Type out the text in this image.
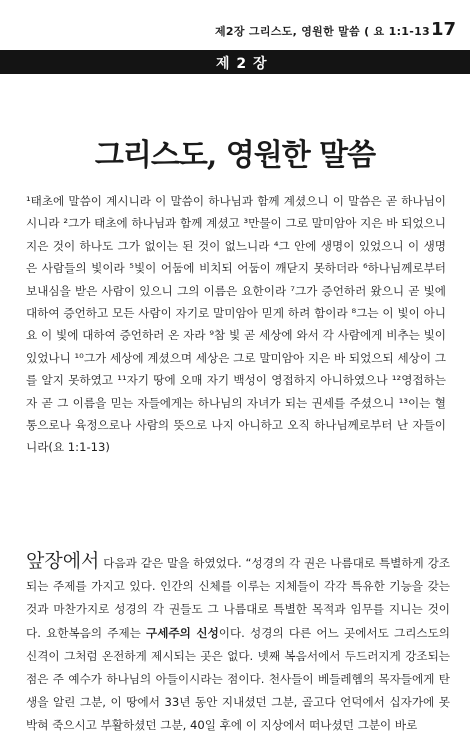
제2장 그리스도, 영원한 말씀 ( 요 1:1-13 17
제 2 장
그리스도, 영원한 말씀

¹태초에 말씀이 계시니라 이 말씀이 하나님과 함께 계셨으니 이 말씀은 곧 하나님이시니라 ²그가 태초에 하나님과 함께 계셨고 ³만물이 그로 말미암아 지은 바 되었으니 지은 것이 하나도 그가 없이는 된 것이 없느니라 ⁴그 안에 생명이 있었으니 이 생명은 사람들의 빛이라 ⁵빛이 어둠에 비치되 어둠이 깨닫지 못하더라 ⁶하나님께로부터 보내심을 받은 사람이 있으니 그의 이름은 요한이라 ⁷그가 증언하러 왔으니 곧 빛에 대하여 증언하고 모든 사람이 자기로 말미암아 믿게 하려 함이라 ⁸그는 이 빛이 아니요 이 빛에 대하여 증언하러 온 자라 ⁹참 빛 곧 세상에 와서 각 사람에게 비추는 빛이 있었나니 ¹⁰그가 세상에 계셨으며 세상은 그로 말미암아 지은 바 되었으되 세상이 그를 알지 못하였고 ¹¹자기 땅에 오매 자기 백성이 영접하지 아니하였으나 ¹²영접하는 자 곧 그 이름을 믿는 자들에게는 하나님의 자녀가 되는 권세를 주셨으니 ¹³이는 혈통으로나 육정으로나 사람의 뜻으로 나지 아니하고 오직 하나님께로부터 난 자들이니라(요 1:1-13)

앞장에서 다음과 같은 말을 하였었다. “성경의 각 권은 나름대로 특별하게 강조되는 주제를 가지고 있다. 인간의 신체를 이루는 지체들이 각각 특유한 기능을 갖는 것과 마찬가지로 성경의 각 권들도 그 나름대로 특별한 목적과 임무를 지니는 것이다. 요한복음의 주제는 구세주의 신성이다. 성경의 다른 어느 곳에서도 그리스도의 신격이 그처럼 온전하게 제시되는 곳은 없다. 넷째 복음서에서 두드러지게 강조되는 점은 주 예수가 하나님의 아들이시라는 점이다. 천사들이 베들레헴의 목자들에게 탄생을 알린 그분, 이 땅에서 33년 동안 지내셨던 그분, 골고다 언덕에서 십자가에 못 박혀 죽으시고 부활하셨던 그분, 40일 후에 이 지상에서 떠나셨던 그분이 바로
